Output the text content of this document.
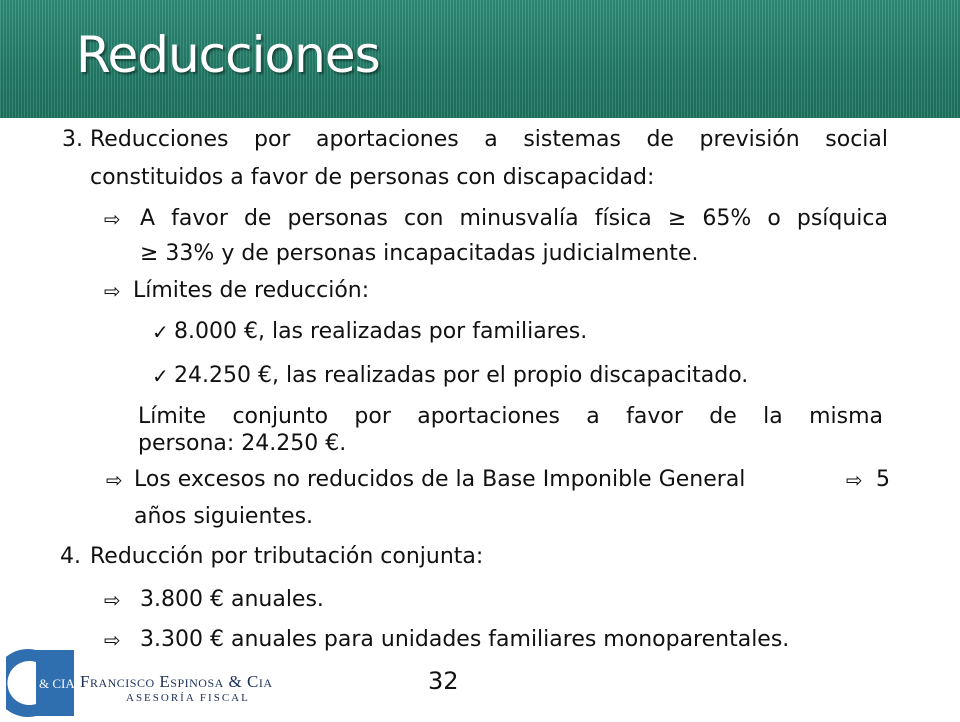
Reducciones
3. Reducciones por aportaciones a sistemas de previsión social
constituidos a favor de personas con discapacidad:
⇨ A favor de personas con minusvalía física ≥ 65% o psíquica
≥ 33% y de personas incapacitadas judicialmente.
⇨ Límites de reducción:
✓ 8.000 €, las realizadas por familiares.
✓ 24.250 €, las realizadas por el propio discapacitado.
Límite conjunto por aportaciones a favor de la misma
persona: 24.250 €.
⇨ Los excesos no reducidos de la Base Imponible General	⇨ 5
años siguientes.
4. Reducción por tributación conjunta:
⇨ 3.800 € anuales.
⇨ 3.300 € anuales para unidades familiares monoparentales.
& CIA Francisco Espinosa & Cia
ASESORÍA FISCAL
32
